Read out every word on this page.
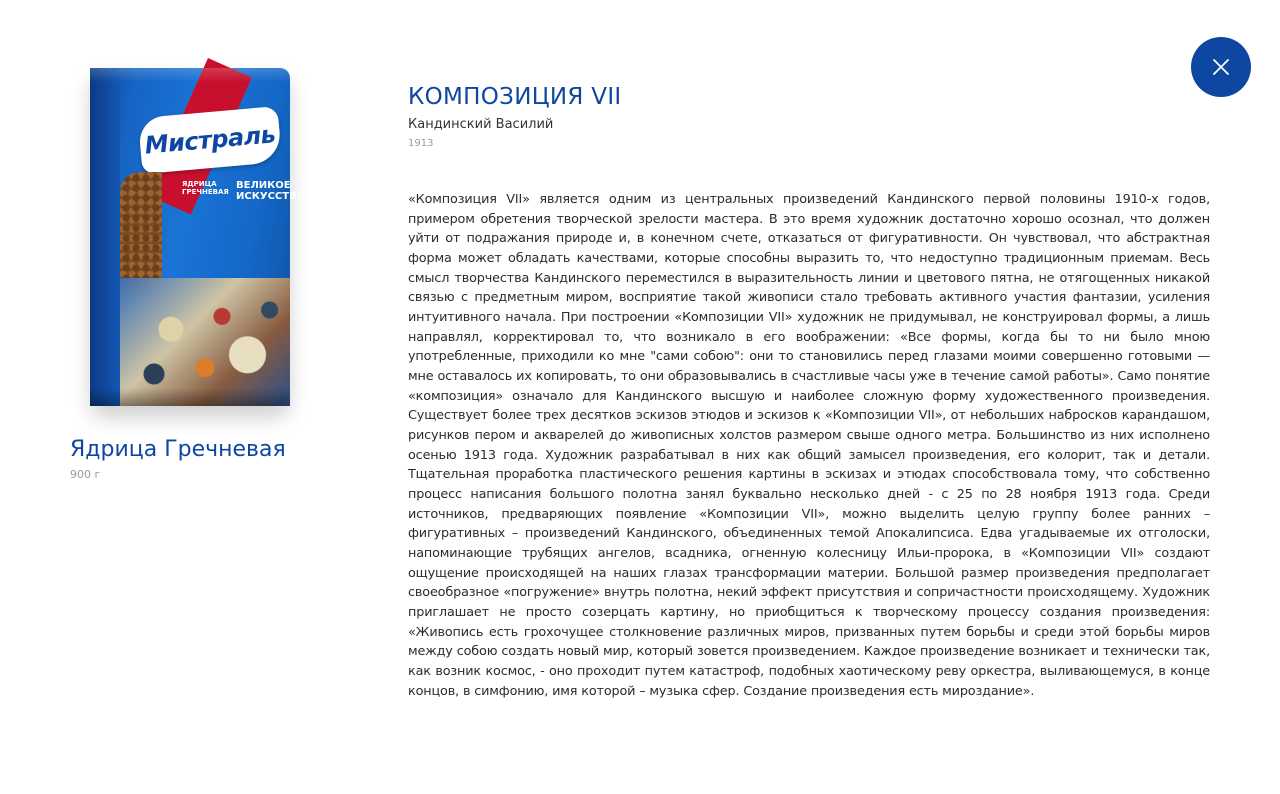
Мистраль
ЯДРИЦА ГРЕЧНЕВАЯ
ВЕЛИКОЕ ИСКУССТВО
Ядрица Гречневая
900 г
КОМПОЗИЦИЯ VII
Кандинский Василий
1913
«Композиция VII» является одним из центральных произведений Кандинского первой половины 1910-х годов, примером обретения творческой зрелости мастера. В это время художник достаточно хорошо осознал, что должен уйти от подражания природе и, в конечном счете, отказаться от фигуративности. Он чувствовал, что абстрактная форма может обладать качествами, которые способны выразить то, что недоступно традиционным приемам. Весь смысл творчества Кандинского переместился в выразительность линии и цветового пятна, не отягощенных никакой связью с предметным миром, восприятие такой живописи стало требовать активного участия фантазии, усиления интуитивного начала. При построении «Композиции VII» художник не придумывал, не конструировал формы, а лишь направлял, корректировал то, что возникало в его воображении: «Все формы, когда бы то ни было мною употребленные, приходили ко мне "сами собою": они то становились перед глазами моими совершенно готовыми — мне оставалось их копировать, то они образовывались в счастливые часы уже в течение самой работы». Само понятие «композиция» означало для Кандинского высшую и наиболее сложную форму художественного произведения. Существует более трех десятков эскизов этюдов и эскизов к «Композиции VII», от небольших набросков карандашом, рисунков пером и акварелей до живописных холстов размером свыше одного метра. Большинство из них исполнено осенью 1913 года. Художник разрабатывал в них как общий замысел произведения, его колорит, так и детали. Тщательная проработка пластического решения картины в эскизах и этюдах способствовала тому, что собственно процесс написания большого полотна занял буквально несколько дней - с 25 по 28 ноября 1913 года. Среди источников, предваряющих появление «Композиции VII», можно выделить целую группу более ранних – фигуративных – произведений Кандинского, объединенных темой Апокалипсиса. Едва угадываемые их отголоски, напоминающие трубящих ангелов, всадника, огненную колесницу Ильи-пророка, в «Композиции VII» создают ощущение происходящей на наших глазах трансформации материи. Большой размер произведения предполагает своеобразное «погружение» внутрь полотна, некий эффект присутствия и сопричастности происходящему. Художник приглашает не просто созерцать картину, но приобщиться к творческому процессу создания произведения: «Живопись есть грохочущее столкновение различных миров, призванных путем борьбы и среди этой борьбы миров между собою создать новый мир, который зовется произведением. Каждое произведение возникает и технически так, как возник космос, - оно проходит путем катастроф, подобных хаотическому реву оркестра, выливающемуся, в конце концов, в симфонию, имя которой – музыка сфер. Создание произведения есть мироздание».
